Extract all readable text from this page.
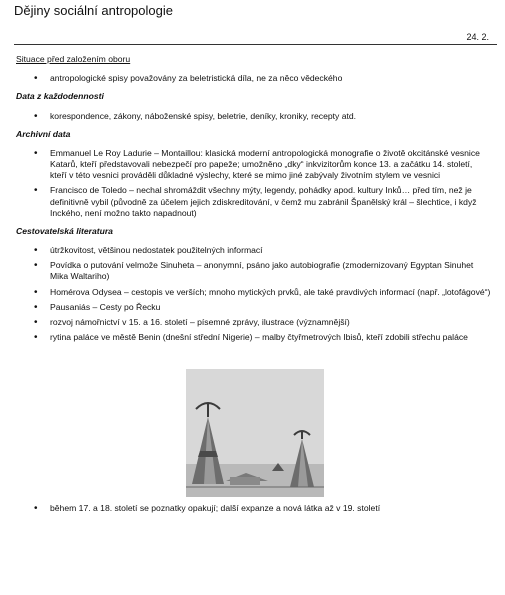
Dějiny sociální antropologie
24. 2.
Situace před založením oboru
• antropologické spisy považovány za beletristická díla, ne za něco vědeckého
Data z každodennosti
• korespondence, zákony, náboženské spisy, beletrie, deníky, kroniky, recepty atd.
Archivní data
• Emmanuel Le Roy Ladurie – Montaillou: klasická moderní antropologická monografie o životě okcitánské vesnice Katarů, kteří představovali nebezpečí pro papeže; umožněno „dky“ inkvizitorům konce 13. a začátku 14. století, kteří v této vesnici prováděli důkladné výslechy, které se mimo jiné zabývaly životním stylem ve vesnici
• Francisco de Toledo – nechal shromáždit všechny mýty, legendy, pohádky apod. kultury Inků… před tím, než je definitivně vybil (původně za účelem jejich zdiskreditování, v čemž mu zabránil Španělský král – šlechtice, i když Inckého, není možno takto napadnout)
Cestovatelská literatura
• útržkovitost, většinou nedostatek použitelných informací
• Povídka o putování velmože Sinuheta – anonymní, psáno jako autobiografie (zmodernizovaný Egyptan Sinuhet Mika Waltariho)
• Homérova Odysea – cestopis ve verších; mnoho mytických prvků, ale také pravdivých informací (např. „lotofágové“)
• Pausaniás – Cesty po Řecku
• rozvoj námořnictví v 15. a 16. století – písemné zprávy, ilustrace (významnější)
• rytina paláce ve městě Benin (dnešní střední Nigerie) – malby čtyřmetrových Ibisů, kteří zdobili střechu paláce
• během 17. a 18. století se poznatky opakují; další expanze a nová látka až v 19. století
